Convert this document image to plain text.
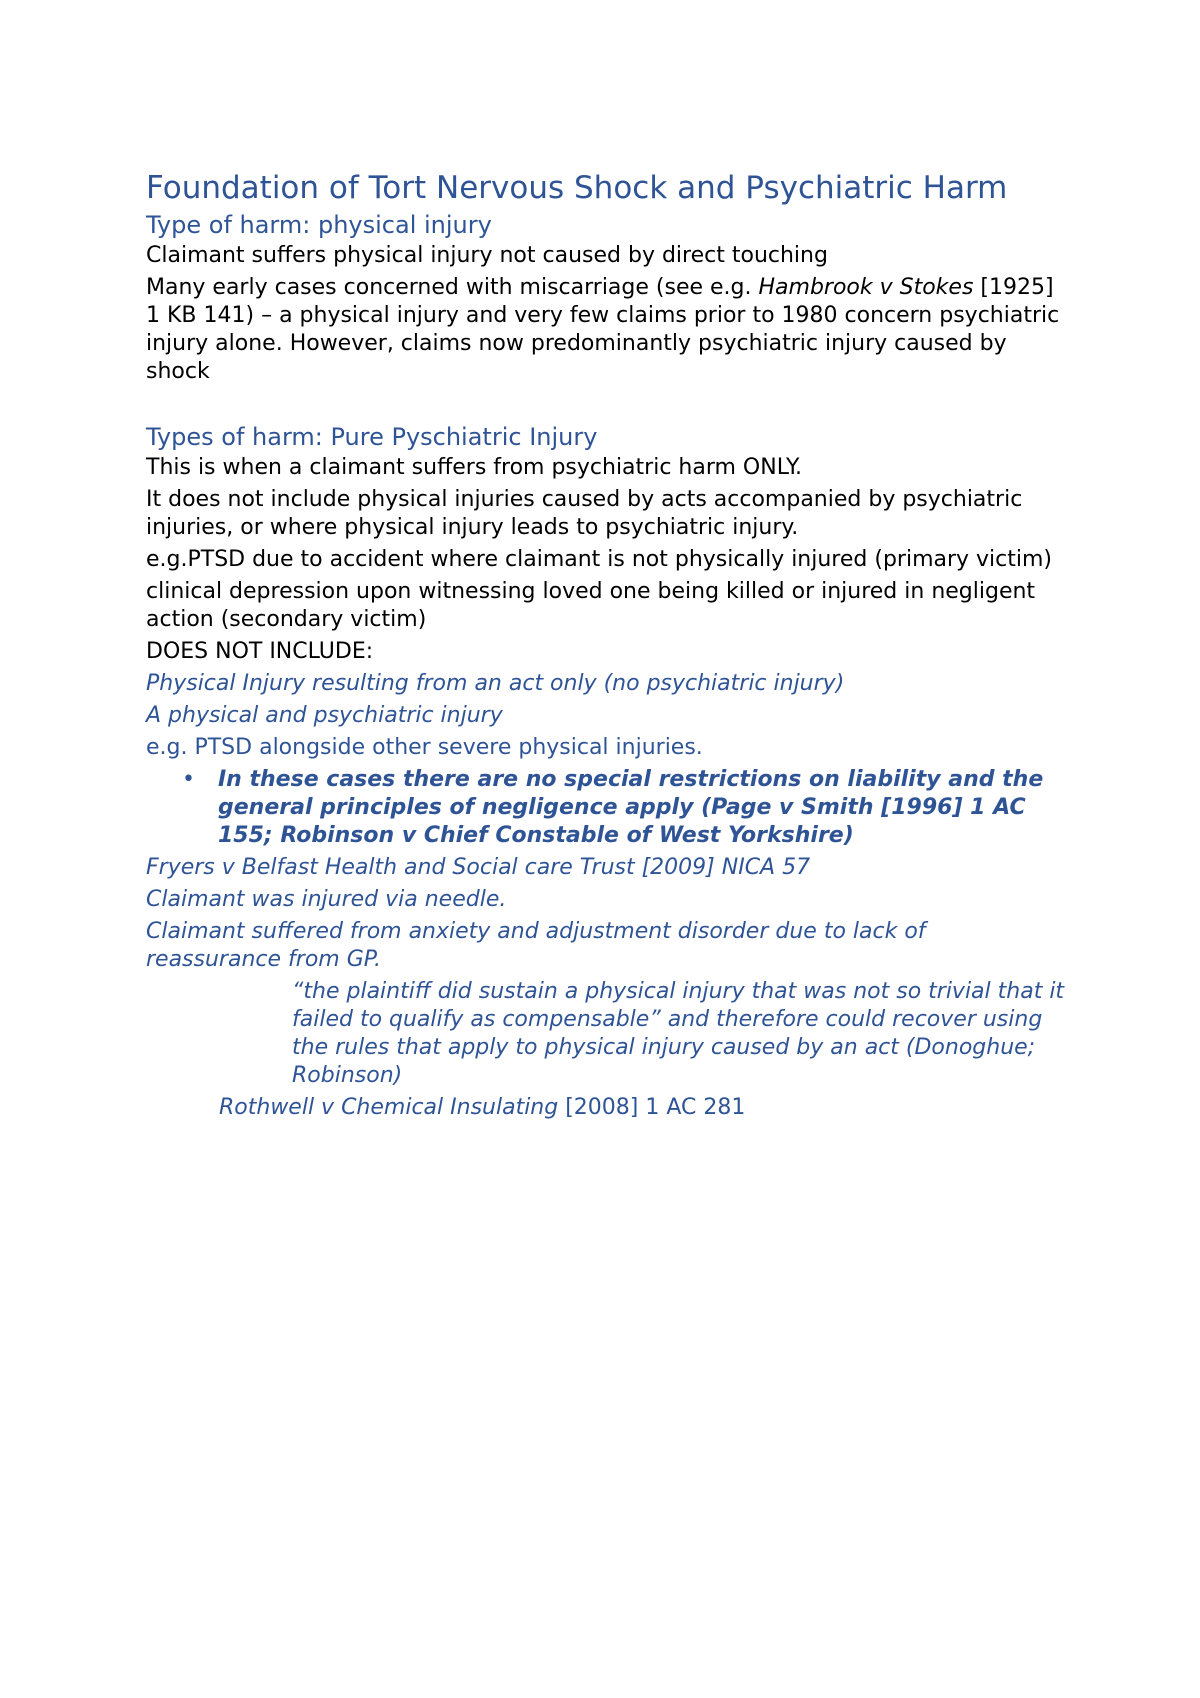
Foundation of Tort Nervous Shock and Psychiatric Harm
Type of harm: physical injury
Claimant suffers physical injury not caused by direct touching
Many early cases concerned with miscarriage (see e.g. Hambrook v Stokes [1925] 1 KB 141) – a physical injury and very few claims prior to 1980 concern psychiatric injury alone. However, claims now predominantly psychiatric injury caused by shock
Types of harm: Pure Pyschiatric Injury
This is when a claimant suffers from psychiatric harm ONLY.
It does not include physical injuries caused by acts accompanied by psychiatric injuries, or where physical injury leads to psychiatric injury.
e.g.PTSD due to accident where claimant is not physically injured (primary victim)
clinical depression upon witnessing loved one being killed or injured in negligent action (secondary victim)
DOES NOT INCLUDE:
Physical Injury resulting from an act only (no psychiatric injury)
A physical and psychiatric injury
e.g. PTSD alongside other severe physical injuries.
• In these cases there are no special restrictions on liability and the general principles of negligence apply (Page v Smith [1996] 1 AC 155; Robinson v Chief Constable of West Yorkshire)
Fryers v Belfast Health and Social care Trust [2009] NICA 57
Claimant was injured via needle.
Claimant suffered from anxiety and adjustment disorder due to lack of reassurance from GP.
“the plaintiff did sustain a physical injury that was not so trivial that it failed to qualify as compensable” and therefore could recover using the rules that apply to physical injury caused by an act (Donoghue; Robinson)
Rothwell v Chemical Insulating [2008] 1 AC 281
